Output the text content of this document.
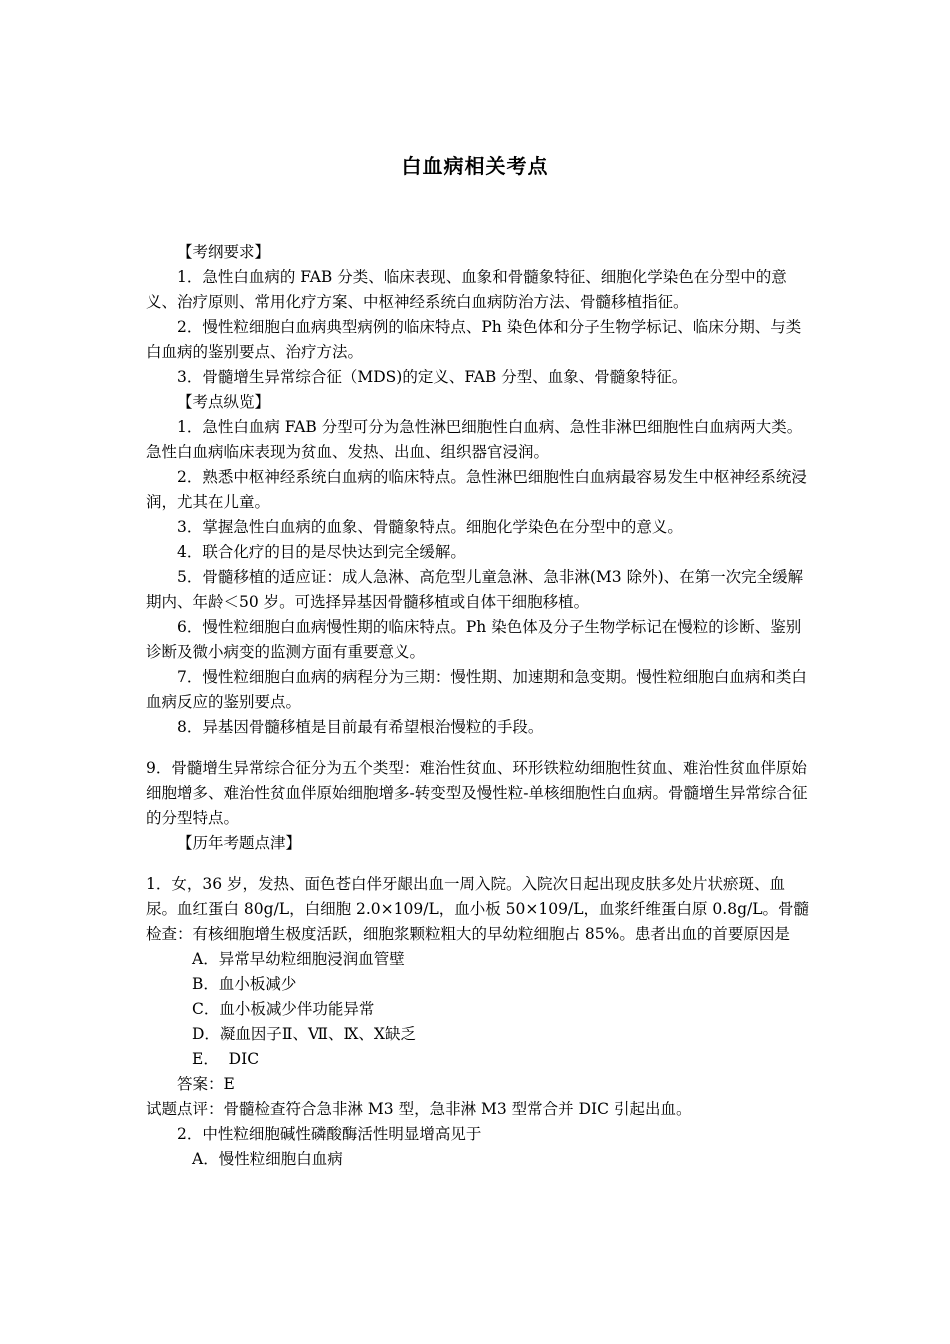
白血病相关考点

【考纲要求】

1．急性白血病的 FAB 分类、临床表现、血象和骨髓象特征、细胞化学染色在分型中的意义、治疗原则、常用化疗方案、中枢神经系统白血病防治方法、骨髓移植指征。

2．慢性粒细胞白血病典型病例的临床特点、Ph 染色体和分子生物学标记、临床分期、与类白血病的鉴别要点、治疗方法。

3．骨髓增生异常综合征（MDS)的定义、FAB 分型、血象、骨髓象特征。

【考点纵览】

1．急性白血病 FAB 分型可分为急性淋巴细胞性白血病、急性非淋巴细胞性白血病两大类。急性白血病临床表现为贫血、发热、出血、组织器官浸润。

2．熟悉中枢神经系统白血病的临床特点。急性淋巴细胞性白血病最容易发生中枢神经系统浸润，尤其在儿童。

3．掌握急性白血病的血象、骨髓象特点。细胞化学染色在分型中的意义。

4．联合化疗的目的是尽快达到完全缓解。

5．骨髓移植的适应证：成人急淋、高危型儿童急淋、急非淋(M3 除外)、在第一次完全缓解期内、年龄＜50 岁。可选择异基因骨髓移植或自体干细胞移植。

6．慢性粒细胞白血病慢性期的临床特点。Ph 染色体及分子生物学标记在慢粒的诊断、鉴别诊断及微小病变的监测方面有重要意义。

7．慢性粒细胞白血病的病程分为三期：慢性期、加速期和急变期。慢性粒细胞白血病和类白血病反应的鉴别要点。

8．异基因骨髓移植是目前最有希望根治慢粒的手段。

9．骨髓增生异常综合征分为五个类型：难治性贫血、环形铁粒幼细胞性贫血、难治性贫血伴原始细胞增多、难治性贫血伴原始细胞增多-转变型及慢性粒-单核细胞性白血病。骨髓增生异常综合征的分型特点。

【历年考题点津】

1．女，36 岁，发热、面色苍白伴牙龈出血一周入院。入院次日起出现皮肤多处片状瘀斑、血尿。血红蛋白 80g/L，白细胞 2.0×109/L，血小板 50×109/L，血浆纤维蛋白原 0.8g/L。骨髓检查：有核细胞增生极度活跃，细胞浆颗粒粗大的早幼粒细胞占 85%。患者出血的首要原因是

A．异常早幼粒细胞浸润血管壁

B．血小板减少

C．血小板减少伴功能异常

D．凝血因子Ⅱ、Ⅶ、Ⅸ、Ⅹ缺乏

E．  DIC

答案：E

试题点评：骨髓检查符合急非淋 M3 型，急非淋 M3 型常合并 DIC 引起出血。

2．中性粒细胞碱性磷酸酶活性明显增高见于

A．慢性粒细胞白血病
